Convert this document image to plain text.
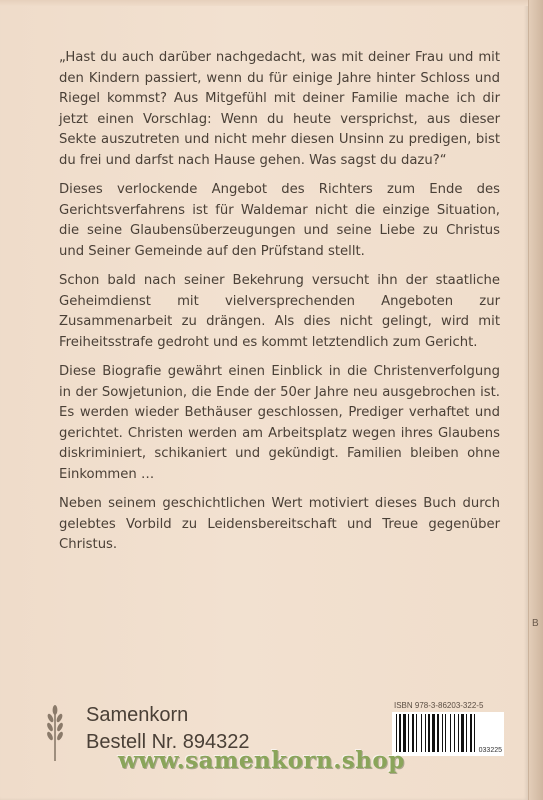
B

„Hast du auch darüber nachgedacht, was mit deiner Frau und mit den Kindern passiert, wenn du für einige Jahre hinter Schloss und Riegel kommst? Aus Mitgefühl mit deiner Familie mache ich dir jetzt einen Vorschlag: Wenn du heute versprichst, aus dieser Sekte auszutreten und nicht mehr diesen Unsinn zu predigen, bist du frei und darfst nach Hause gehen. Was sagst du dazu?“

Dieses verlockende Angebot des Richters zum Ende des Gerichtsverfahrens ist für Waldemar nicht die einzige Situation, die seine Glaubensüberzeugungen und seine Liebe zu Christus und Seiner Gemeinde auf den Prüfstand stellt.

Schon bald nach seiner Bekehrung versucht ihn der staatliche Geheimdienst mit vielversprechenden Angeboten zur Zusammenarbeit zu drängen. Als dies nicht gelingt, wird mit Freiheitsstrafe gedroht und es kommt letztendlich zum Gericht.

Diese Biografie gewährt einen Einblick in die Christenverfolgung in der Sowjetunion, die Ende der 50er Jahre neu ausgebrochen ist. Es werden wieder Bethäuser geschlossen, Prediger verhaftet und gerichtet. Christen werden am Arbeitsplatz wegen ihres Glaubens diskriminiert, schikaniert und gekündigt. Familien bleiben ohne Einkommen …

Neben seinem geschichtlichen Wert motiviert dieses Buch durch gelebtes Vorbild zu Leidensbereitschaft und Treue gegenüber Christus.

Samenkorn
Bestell Nr. 894322
ISBN 978-3-86203-322-5
033225
www.samenkorn.shop
